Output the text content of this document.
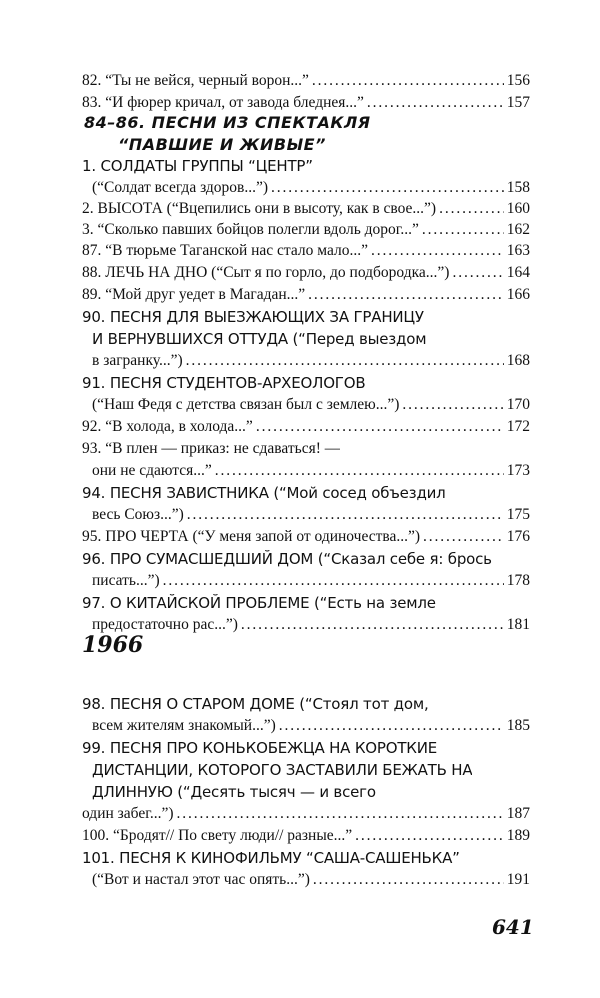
82. “Ты не вейся, черный ворон...” . . .	156
83. “И фюрер кричал, от завода бледнея...” . . .	157
84–86. ПЕСНИ ИЗ СПЕКТАКЛЯ
“ПАВШИЕ И ЖИВЫЕ”
1. СОЛДАТЫ ГРУППЫ “ЦЕНТР”
(“Солдат всегда здоров...”) . . .	158
2. ВЫСОТА (“Вцепились они в высоту, как в свое...”) . . .	160
3. “Сколько павших бойцов полегли вдоль дорог...” . . .	162
87. “В тюрьме Таганской нас стало мало...” . . .	163
88. ЛЕЧЬ НА ДНО (“Сыт я по горло, до подбородка...”) . . .	164
89. “Мой друг уедет в Магадан...” . . .	166
90. ПЕСНЯ ДЛЯ ВЫЕЗЖАЮЩИХ ЗА ГРАНИЦУ
И ВЕРНУВШИХСЯ ОТТУДА (“Перед выездом
в загранку...”) . . .	168
91. ПЕСНЯ СТУДЕНТОВ-АРХЕОЛОГОВ
(“Наш Федя с детства связан был с землею...”) . . .	170
92. “В холода, в холода...” . . .	172
93. “В плен — приказ: не сдаваться! —
они не сдаются...” . . .	173
94. ПЕСНЯ ЗАВИСТНИКА (“Мой сосед объездил
весь Союз...”) . . .	175
95. ПРО ЧЕРТА (“У меня запой от одиночества...”) . . .	176
96. ПРО СУМАСШЕДШИЙ ДОМ (“Сказал себе я: брось
писать...”) . . .	178
97. О КИТАЙСКОЙ ПРОБЛЕМЕ (“Есть на земле
предостаточно рас...”) . . .	181
1966
98. ПЕСНЯ О СТАРОМ ДОМЕ (“Стоял тот дом,
всем жителям знакомый...”) . . .	185
99. ПЕСНЯ ПРО КОНЬКОБЕЖЦА НА КОРОТКИЕ
ДИСТАНЦИИ, КОТОРОГО ЗАСТАВИЛИ БЕЖАТЬ НА
ДЛИННУЮ (“Десять тысяч — и всего
один забег...”) . . .	187
100. “Бродят// По свету люди// разные...” . . .	189
101. ПЕСНЯ К КИНОФИЛЬМУ “САША-САШЕНЬКА”
(“Вот и настал этот час опять...”) . . .	191
641
